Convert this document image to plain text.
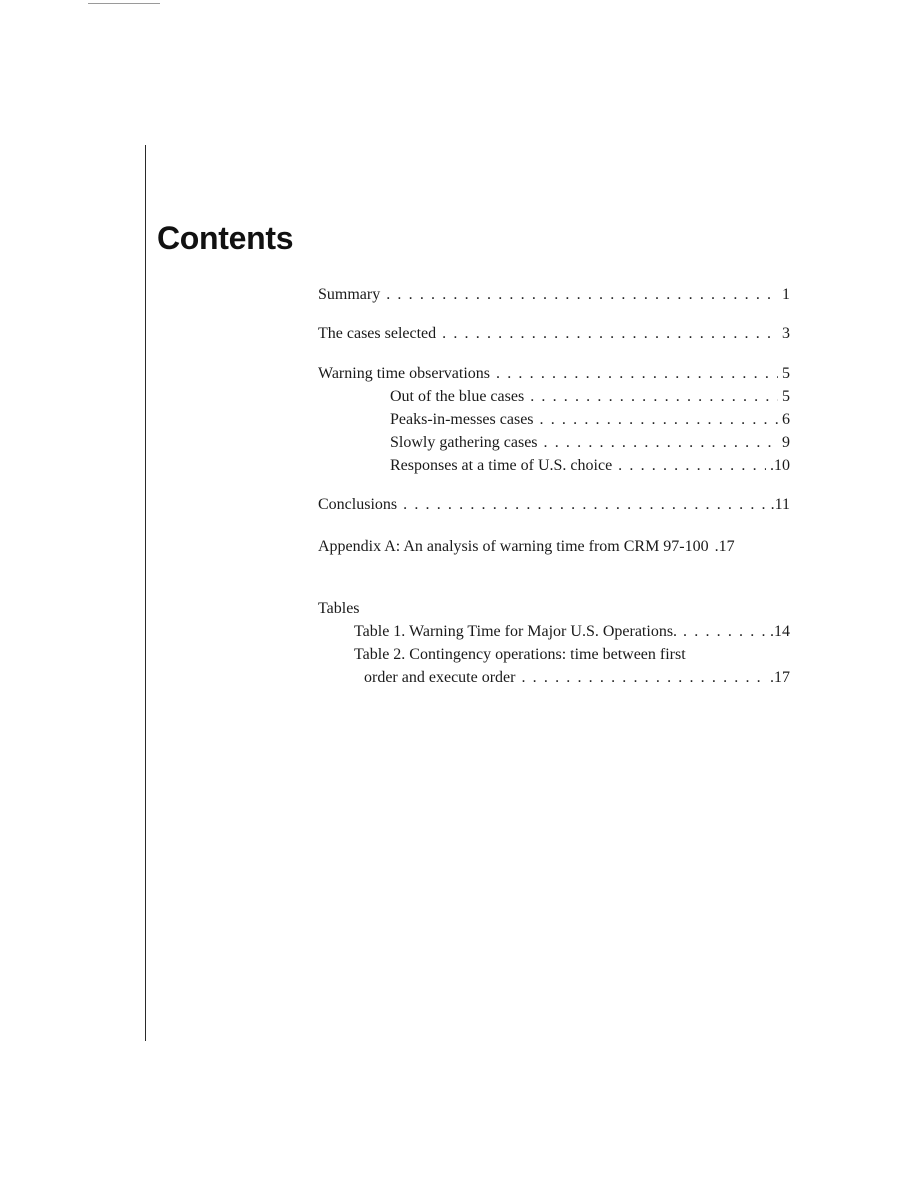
Contents
Summary . . .	1
The cases selected . . .	3
Warning time observations . . .	5
Out of the blue cases . . .	5
Peaks-in-messes cases . . .	6
Slowly gathering cases . . .	9
Responses at a time of U.S. choice . . .	.10
Conclusions . . .	.11
Appendix A: An analysis of warning time from CRM 97-100 .17
Tables
Table 1. Warning Time for Major U.S. Operations. . . .	.14
Table 2. Contingency operations: time between first
order and execute order . . .	.17
